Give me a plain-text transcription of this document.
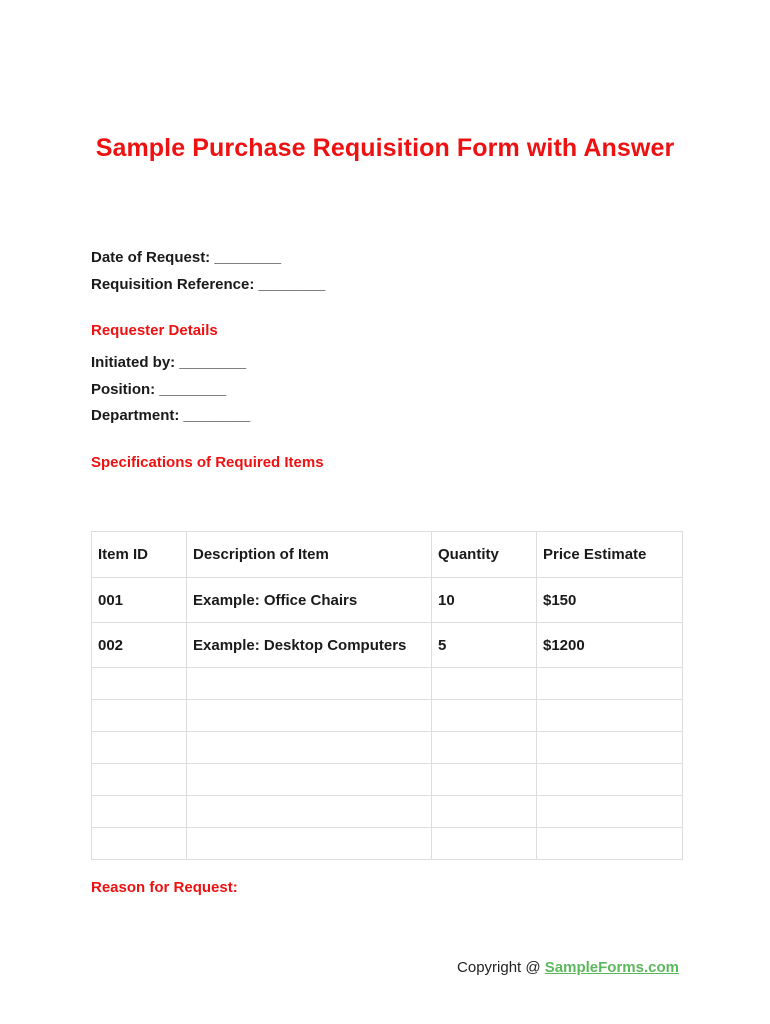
Sample Purchase Requisition Form with Answer
Date of Request: ________
Requisition Reference: ________
Requester Details
Initiated by: ________
Position: ________
Department: ________
Specifications of Required Items
Item ID	Description of Item	Quantity	Price Estimate
001	Example: Office Chairs	10	$150
002	Example: Desktop Computers	5	$1200

Reason for Request:
Copyright @ SampleForms.com
